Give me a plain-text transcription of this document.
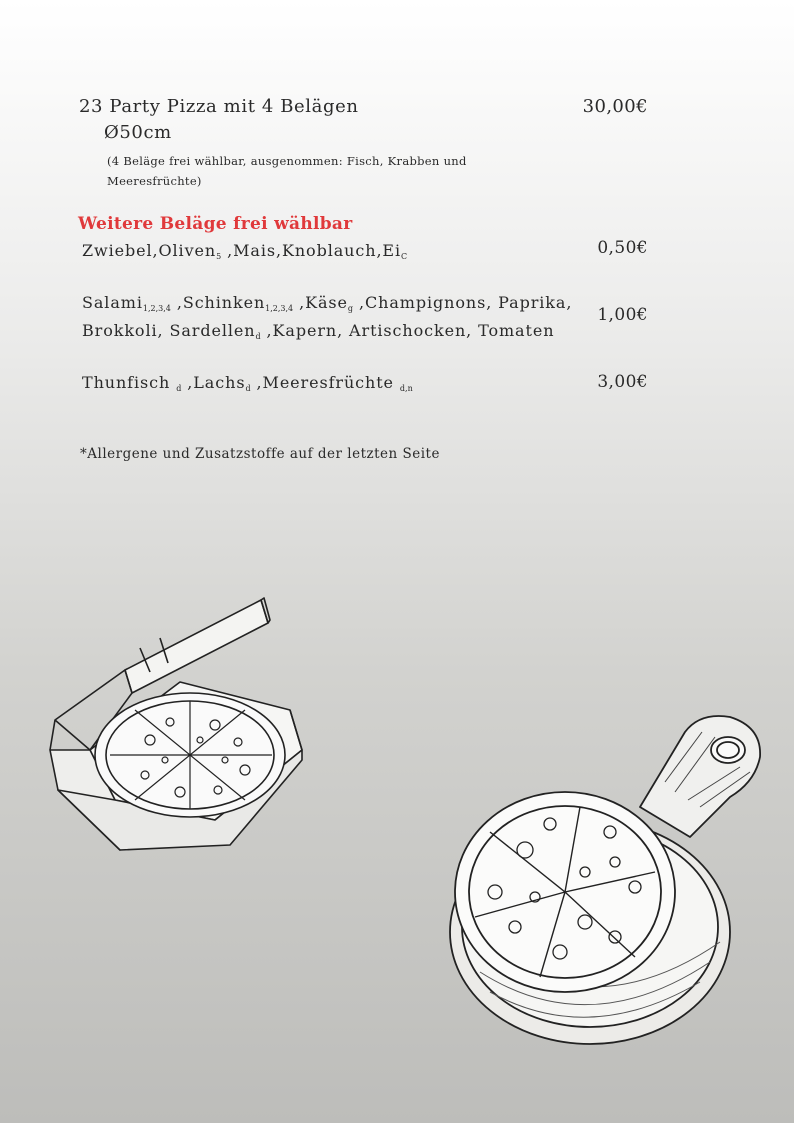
23 Party Pizza mit 4 Belägen
Ø50cm
(4 Beläge frei wählbar, ausgenommen: Fisch, Krabben und Meeresfrüchte)
30,00€
Weitere Beläge frei wählbar
Zwiebel,Oliven$_5$ $,Mais,Knoblauch,Ei_C$	0,50€
Salami$_{1,2,3,4}$ ,Schinken$_{1,2,3,4}$ ,Käse$_g$ ,Champignons, Paprika,
Brokkoli, Sardellen$_d$ ,Kapern, Artischocken, Tomaten
1,00€
Thunfisch $_d$ ,Lachs$_d$ ,Meeresfrüchte $_{d,n}$	3,00€
*Allergene und Zusatzstoffe auf der letzten Seite
